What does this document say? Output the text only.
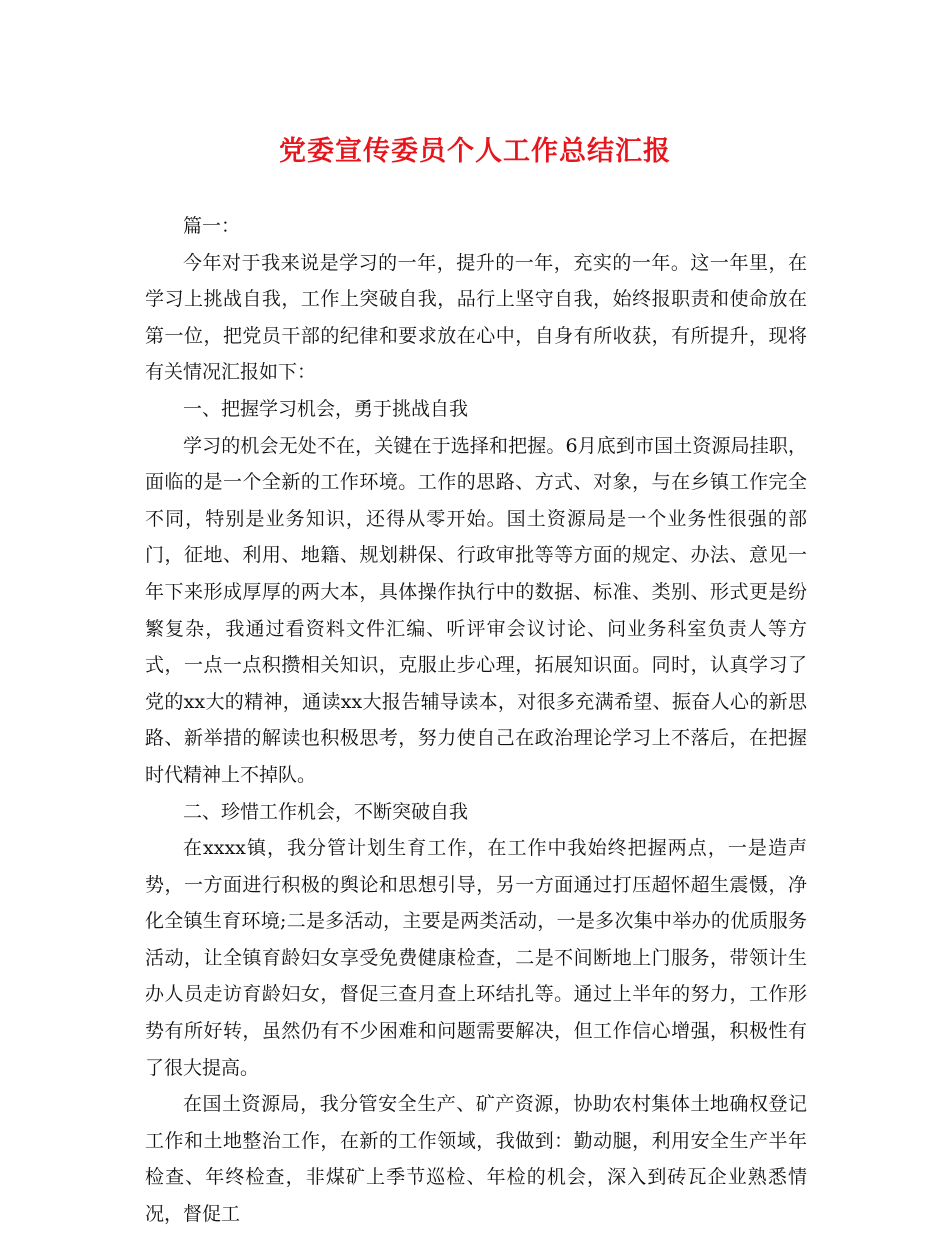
党委宣传委员个人工作总结汇报

篇一：

今年对于我来说是学习的一年，提升的一年，充实的一年。这一年里，在学习上挑战自我，工作上突破自我，品行上坚守自我，始终报职责和使命放在第一位，把党员干部的纪律和要求放在心中，自身有所收获，有所提升，现将有关情况汇报如下：

一、把握学习机会，勇于挑战自我

学习的机会无处不在，关键在于选择和把握。6月底到市国土资源局挂职，面临的是一个全新的工作环境。工作的思路、方式、对象，与在乡镇工作完全不同，特别是业务知识，还得从零开始。国土资源局是一个业务性很强的部门，征地、利用、地籍、规划耕保、行政审批等等方面的规定、办法、意见一年下来形成厚厚的两大本，具体操作执行中的数据、标准、类别、形式更是纷繁复杂，我通过看资料文件汇编、听评审会议讨论、问业务科室负责人等方式，一点一点积攒相关知识，克服止步心理，拓展知识面。同时，认真学习了党的xx大的精神，通读xx大报告辅导读本，对很多充满希望、振奋人心的新思路、新举措的解读也积极思考，努力使自己在政治理论学习上不落后，在把握时代精神上不掉队。

二、珍惜工作机会，不断突破自我

在xxxx镇，我分管计划生育工作，在工作中我始终把握两点，一是造声势，一方面进行积极的舆论和思想引导，另一方面通过打压超怀超生震慑，净化全镇生育环境;二是多活动，主要是两类活动，一是多次集中举办的优质服务活动，让全镇育龄妇女享受免费健康检查，二是不间断地上门服务，带领计生办人员走访育龄妇女，督促三查月查上环结扎等。通过上半年的努力，工作形势有所好转，虽然仍有不少困难和问题需要解决，但工作信心增强，积极性有了很大提高。

在国土资源局，我分管安全生产、矿产资源，协助农村集体土地确权登记工作和土地整治工作，在新的工作领域，我做到：勤动腿，利用安全生产半年检查、年终检查，非煤矿上季节巡检、年检的机会，深入到砖瓦企业熟悉情况，督促工
